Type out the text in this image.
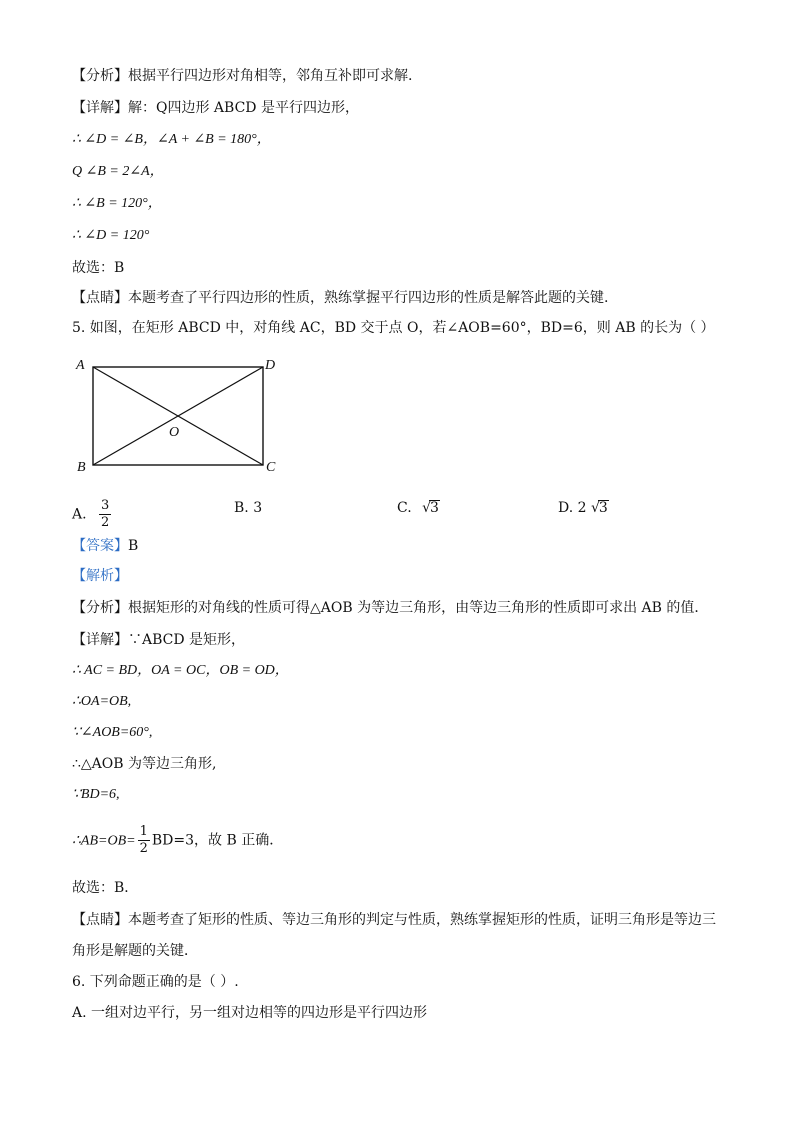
【分析】根据平行四边形对角相等，邻角互补即可求解.
【详解】解：Q四边形 ABCD 是平行四边形，
∴ ∠D = ∠B，∠A + ∠B = 180°，
Q ∠B = 2∠A，
∴ ∠B = 120°，
∴ ∠D = 120°
故选：B
【点睛】本题考查了平行四边形的性质，熟练掌握平行四边形的性质是解答此题的关键.
5. 如图，在矩形 ABCD 中，对角线 AC，BD 交于点 O，若∠AOB=60°，BD=6，则 AB 的长为（ ）
A	D
B	C
O
A. $\frac{3}{2}$	B. 3	C. √3	D. 2 √3
【答案】B
【解析】
【分析】根据矩形的对角线的性质可得△AOB 为等边三角形，由等边三角形的性质即可求出 AB 的值．
【详解】∵ABCD 是矩形，
∴ AC = BD，OA = OC，OB = OD，
∴OA=OB,
∵∠AOB=60°,
∴△AOB 为等边三角形,
∵BD=6,
∴AB=OB= $\frac{1}{2} BD=3$，故 B 正确．
故选：B．
【点睛】本题考查了矩形的性质、等边三角形的判定与性质，熟练掌握矩形的性质，证明三角形是等边三
角形是解题的关键．
6. 下列命题正确的是（ ）.
A. 一组对边平行，另一组对边相等的四边形是平行四边形
